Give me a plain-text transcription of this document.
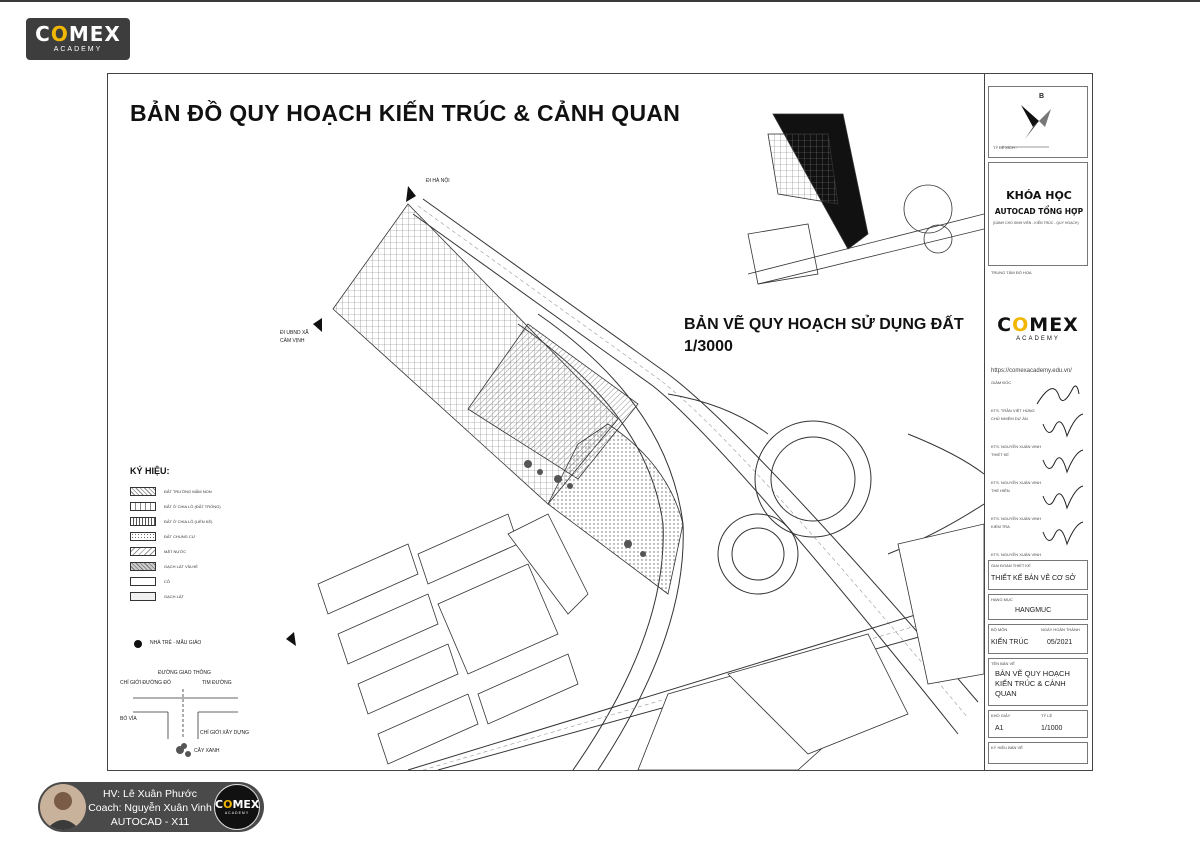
COMEX
ACADEMY
BẢN ĐỒ QUY HOẠCH KIẾN TRÚC & CẢNH QUAN
BẢN VẼ QUY HOẠCH SỬ DỤNG ĐẤT
1/3000
ĐI HÀ NỘI
ĐI UBND XÃ
CẨM VỊNH
KÝ HIỆU:
ĐẤT TRƯỜNG MẦM NON
ĐẤT Ở CHIA LÔ (ĐẤT TRỐNG)
ĐẤT Ở CHIA LÔ (LIỀN KỀ)
ĐẤT CHUNG CƯ
MẶT NƯỚC
GẠCH LÁT VỈA HÈ
CỎ
GẠCH LÁT
NHÀ TRẺ - MẪU GIÁO
ĐƯỜNG GIAO THÔNG
CHỈ GIỚI ĐƯỜNG ĐỎ	TIM ĐƯỜNG
BÓ VỈA
CHỈ GIỚI XÂY DỰNG
CÂY XANH
B
TỶ LỆ XÍCH :
KHÓA HỌC
AUTOCAD TỔNG HỢP
(DÀNH CHO SINH VIÊN - KIẾN TRÚC - QUY HOẠCH)
TRUNG TÂM ĐỒ HỌA
COMEX
ACADEMY
https://comexacademy.edu.vn/
GIÁM ĐỐC
KTS. TRẦN VIỆT HÙNG
CHỦ NHIỆM DỰ ÁN
KTS. NGUYỄN XUÂN VINH
THIẾT KẾ
KTS. NGUYỄN XUÂN VINH
THỂ HIỆN
KTS. NGUYỄN XUÂN VINH
KIỂM TRA
KTS. NGUYỄN XUÂN VINH
GIAI ĐOẠN THIẾT KẾ
THIẾT KẾ BẢN VẼ CƠ SỞ
HẠNG MỤC
HANGMUC
BỘ MÔN
KIẾN TRÚC
NGÀY HOÀN THÀNH
05/2021
TÊN BẢN VẼ
BẢN VẼ QUY HOẠCH
KIẾN TRÚC & CẢNH
QUAN
KHỔ GIẤY
A1
TỶ LỆ
1/1000
KÝ HIỆU BẢN VẼ
HV: Lê Xuân Phước
Coach: Nguyễn Xuân Vinh
AUTOCAD - X11
COMEX
ACADEMY
